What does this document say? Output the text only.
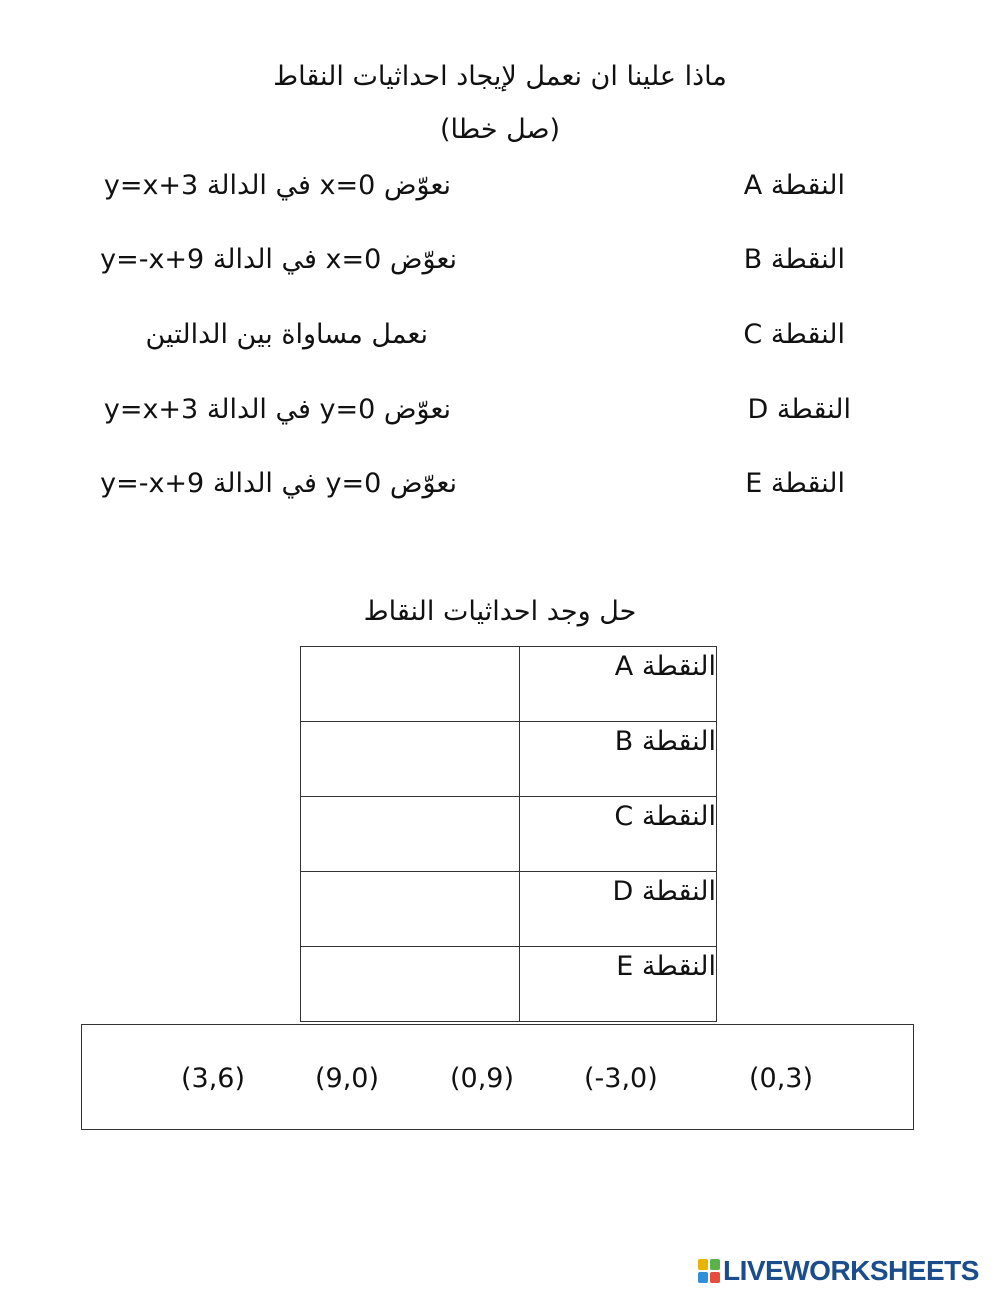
ماذا علينا ان نعمل لإيجاد احداثيات النقاط
(صل خطا)
النقطة A
نعوّض x=0 في الدالة y=x+3
النقطة B
نعوّض x=0 في الدالة y=-x+9
النقطة C
نعمل مساواة بين الدالتين
النقطة D
نعوّض y=0 في الدالة y=x+3
النقطة E
نعوّض y=0 في الدالة y=-x+9
حل وجد احداثيات النقاط
	النقطة A
	النقطة B
	النقطة C
	النقطة D
	النقطة E
(3,6)	(9,0)	(0,9)	(-3,0)	(0,3)
LIVEWORKSHEETS
